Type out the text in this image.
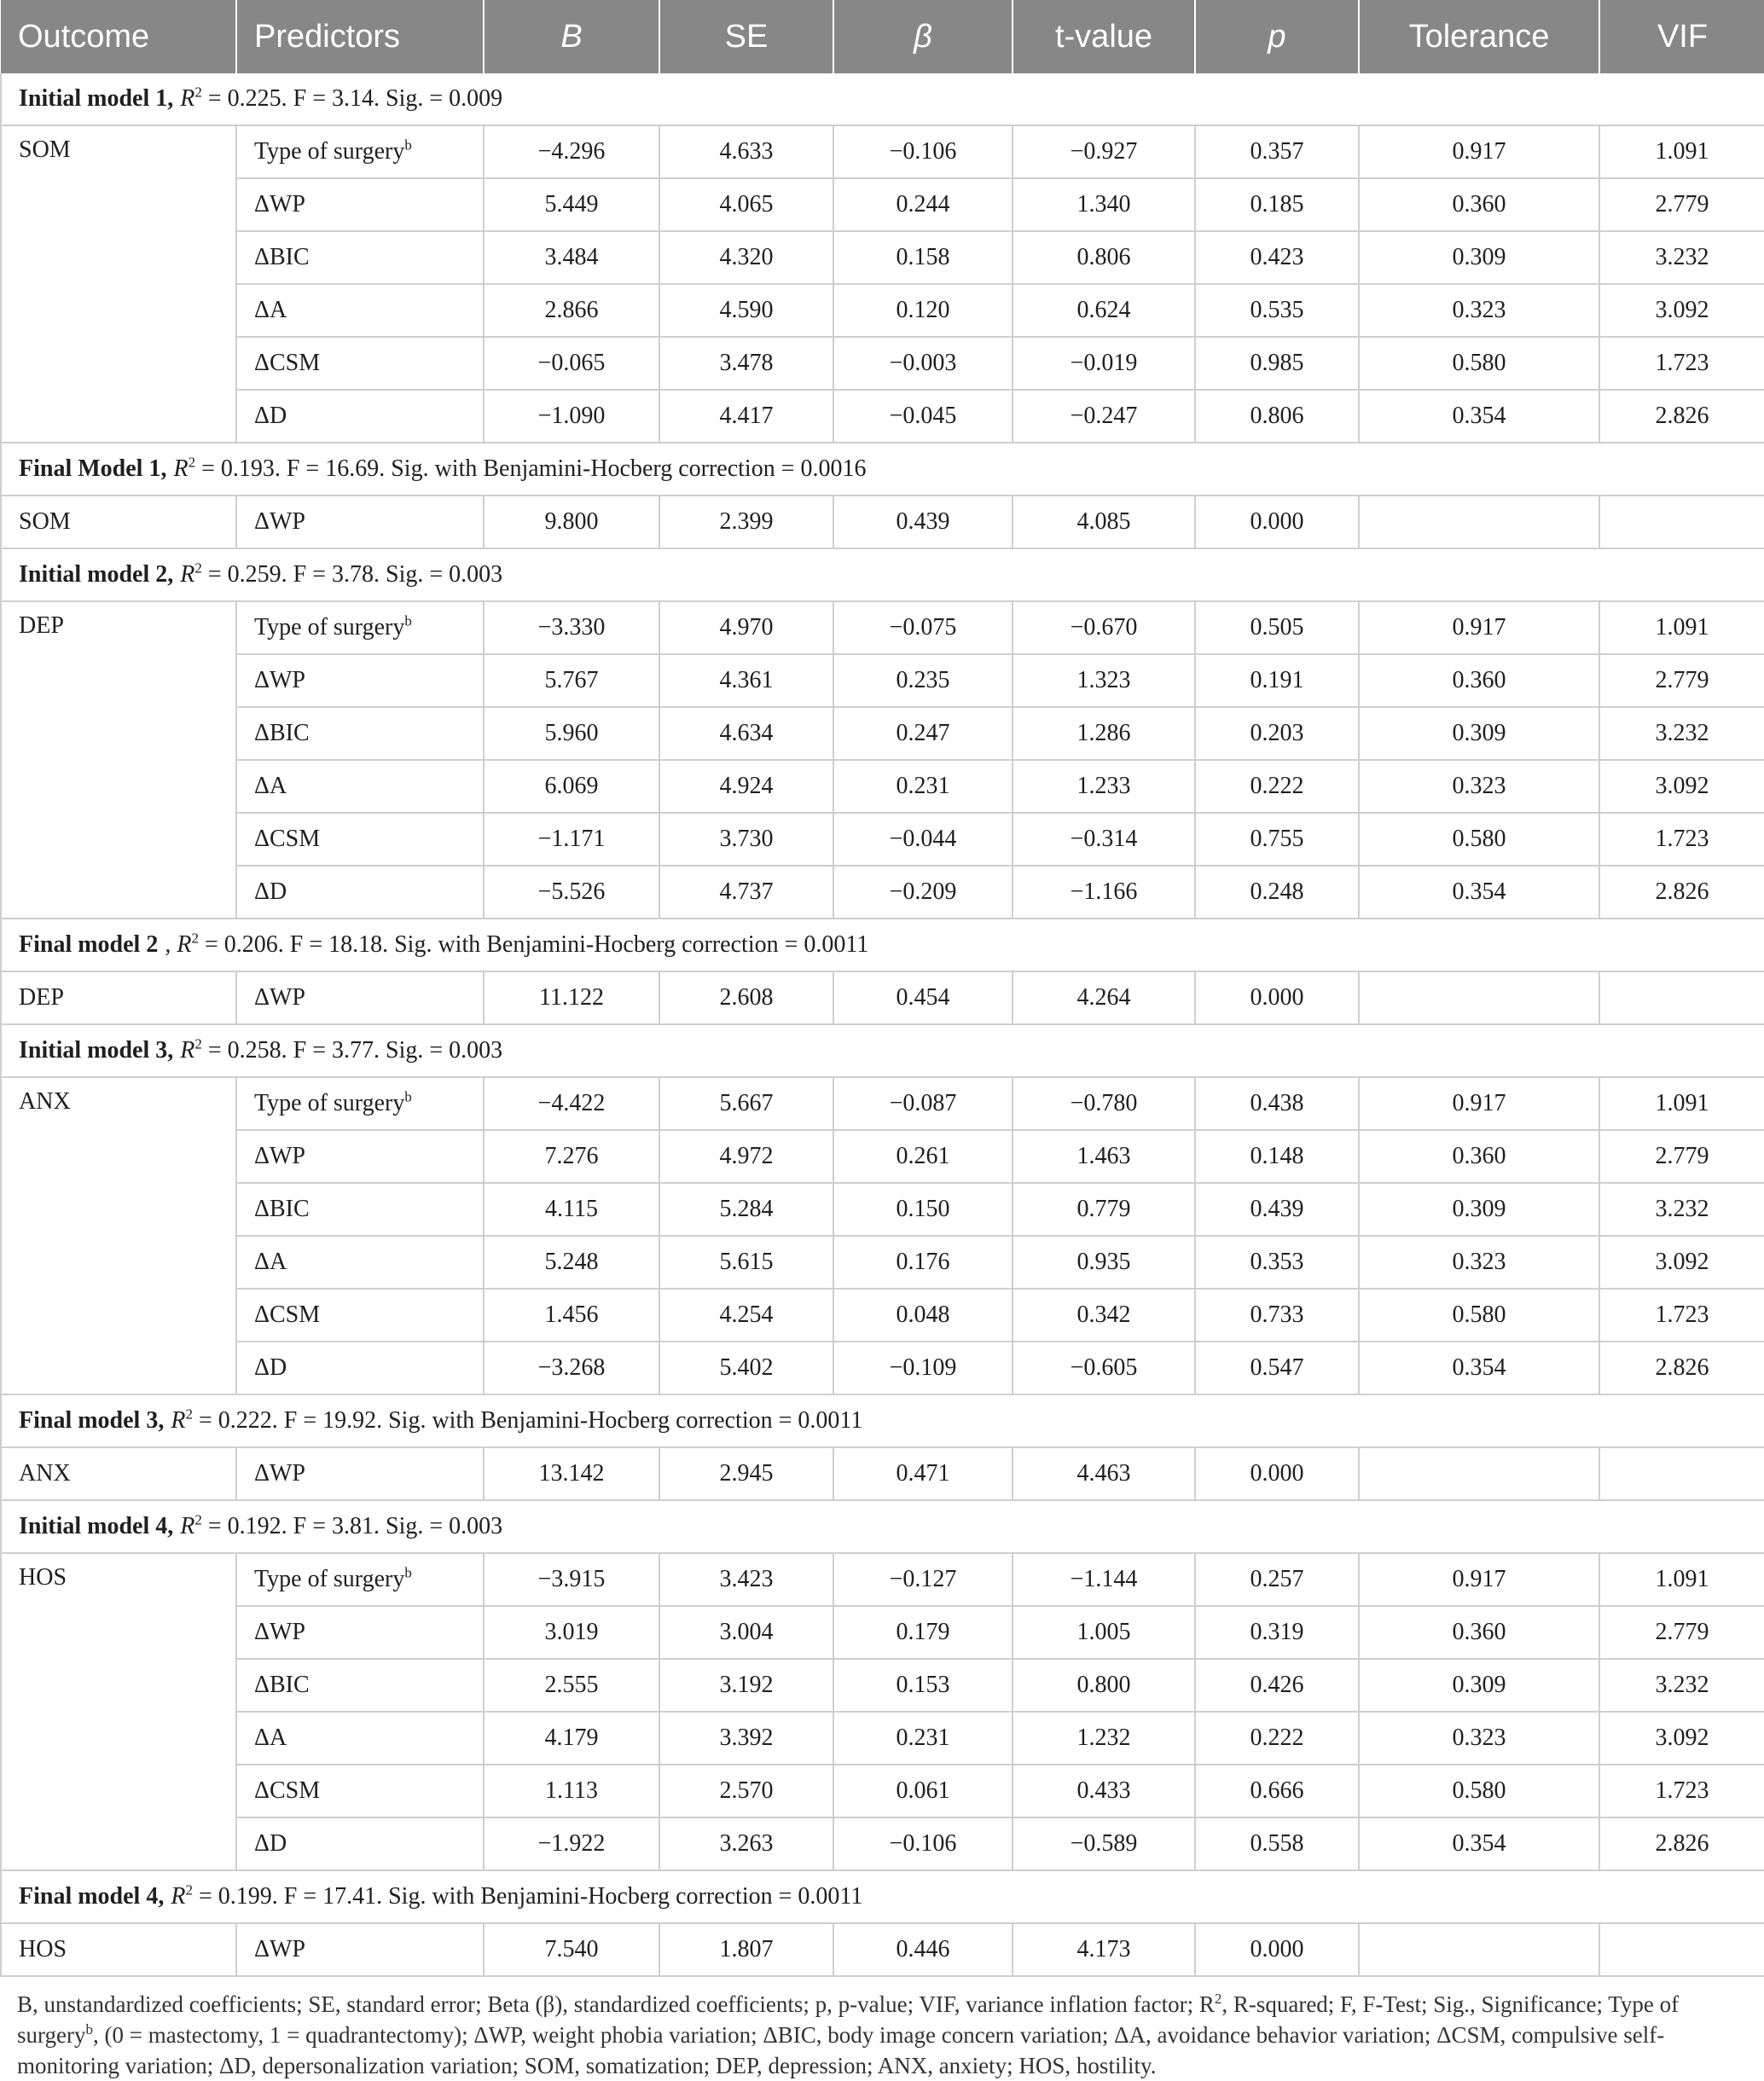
Outcome	Predictors	B	SE	β	t-value	p	Tolerance	VIF
Initial model 1, $R^2 = 0.225$. F = 3.14. Sig. = 0.009								
SOM	Type of surgery$^b$	−4.296	4.633	−0.106	−0.927	0.357	0.917	1.091
	ΔWP	5.449	4.065	0.244	1.340	0.185	0.360	2.779
	ΔBIC	3.484	4.320	0.158	0.806	0.423	0.309	3.232
	ΔA	2.866	4.590	0.120	0.624	0.535	0.323	3.092
	ΔCSM	−0.065	3.478	−0.003	−0.019	0.985	0.580	1.723
	ΔD	−1.090	4.417	−0.045	−0.247	0.806	0.354	2.826
Final Model 1, $R^2 = 0.193$. F = 16.69. Sig. with Benjamini-Hocberg correction = 0.0016								
SOM	ΔWP	9.800	2.399	0.439	4.085	0.000		
Initial model 2, $R^2 = 0.259$. F = 3.78. Sig. = 0.003								
DEP	Type of surgery$^b$	−3.330	4.970	−0.075	−0.670	0.505	0.917	1.091
	ΔWP	5.767	4.361	0.235	1.323	0.191	0.360	2.779
	ΔBIC	5.960	4.634	0.247	1.286	0.203	0.309	3.232
	ΔA	6.069	4.924	0.231	1.233	0.222	0.323	3.092
	ΔCSM	−1.171	3.730	−0.044	−0.314	0.755	0.580	1.723
	ΔD	−5.526	4.737	−0.209	−1.166	0.248	0.354	2.826
Final model 2 , $R^2 = 0.206$. F = 18.18. Sig. with Benjamini-Hocberg correction = 0.0011								
DEP	ΔWP	11.122	2.608	0.454	4.264	0.000		
Initial model 3, $R^2 = 0.258$. F = 3.77. Sig. = 0.003								
ANX	Type of surgery$^b$	−4.422	5.667	−0.087	−0.780	0.438	0.917	1.091
	ΔWP	7.276	4.972	0.261	1.463	0.148	0.360	2.779
	ΔBIC	4.115	5.284	0.150	0.779	0.439	0.309	3.232
	ΔA	5.248	5.615	0.176	0.935	0.353	0.323	3.092
	ΔCSM	1.456	4.254	0.048	0.342	0.733	0.580	1.723
	ΔD	−3.268	5.402	−0.109	−0.605	0.547	0.354	2.826
Final model 3, $R^2 = 0.222$. F = 19.92. Sig. with Benjamini-Hocberg correction = 0.0011								
ANX	ΔWP	13.142	2.945	0.471	4.463	0.000		
Initial model 4, $R^2 = 0.192$. F = 3.81. Sig. = 0.003								
HOS	Type of surgery$^b$	−3.915	3.423	−0.127	−1.144	0.257	0.917	1.091
	ΔWP	3.019	3.004	0.179	1.005	0.319	0.360	2.779
	ΔBIC	2.555	3.192	0.153	0.800	0.426	0.309	3.232
	ΔA	4.179	3.392	0.231	1.232	0.222	0.323	3.092
	ΔCSM	1.113	2.570	0.061	0.433	0.666	0.580	1.723
	ΔD	−1.922	3.263	−0.106	−0.589	0.558	0.354	2.826
Final model 4, $R^2 = 0.199$. F = 17.41. Sig. with Benjamini-Hocberg correction = 0.0011								
HOS	ΔWP	7.540	1.807	0.446	4.173	0.000		

B, unstandardized coefficients; SE, standard error; Beta (β), standardized coefficients; p, p-value; VIF, variance inflation factor; $R^2$, R-squared; F, F-Test; Sig., Significance; Type of surgery$^b$, (0 = mastectomy, 1 = quadrantectomy); ΔWP, weight phobia variation; ΔBIC, body image concern variation; ΔA, avoidance behavior variation; ΔCSM, compulsive self-monitoring variation; ΔD, depersonalization variation; SOM, somatization; DEP, depression; ANX, anxiety; HOS, hostility.
